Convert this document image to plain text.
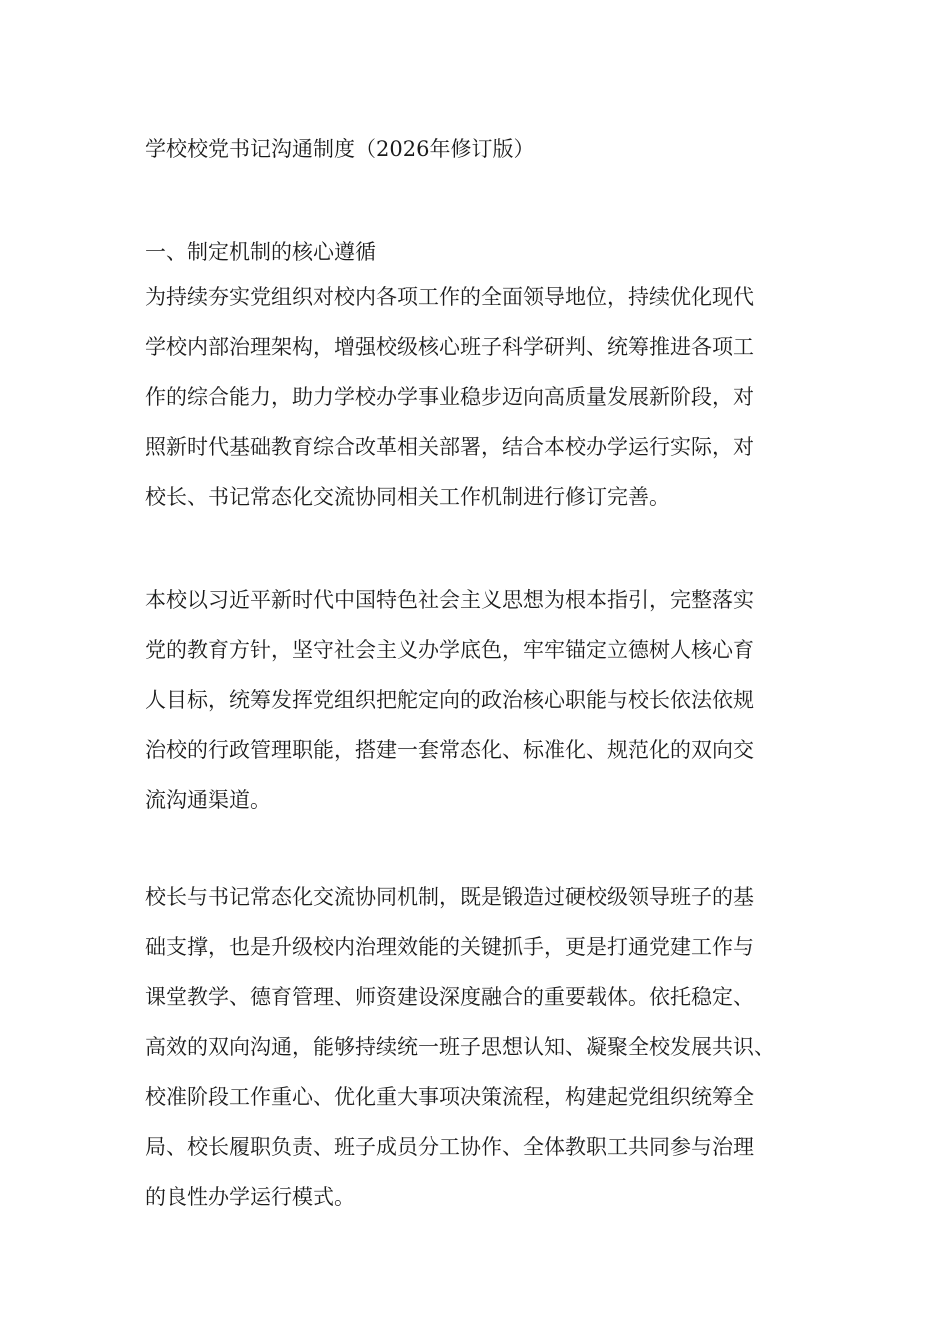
学校校党书记沟通制度（2026年修订版）
一、制定机制的核心遵循
为持续夯实党组织对校内各项工作的全面领导地位，持续优化现代
学校内部治理架构，增强校级核心班子科学研判、统筹推进各项工
作的综合能力，助力学校办学事业稳步迈向高质量发展新阶段，对
照新时代基础教育综合改革相关部署，结合本校办学运行实际，对
校长、书记常态化交流协同相关工作机制进行修订完善。
本校以习近平新时代中国特色社会主义思想为根本指引，完整落实
党的教育方针，坚守社会主义办学底色，牢牢锚定立德树人核心育
人目标，统筹发挥党组织把舵定向的政治核心职能与校长依法依规
治校的行政管理职能，搭建一套常态化、标准化、规范化的双向交
流沟通渠道。
校长与书记常态化交流协同机制，既是锻造过硬校级领导班子的基
础支撑，也是升级校内治理效能的关键抓手，更是打通党建工作与
课堂教学、德育管理、师资建设深度融合的重要载体。依托稳定、
高效的双向沟通，能够持续统一班子思想认知、凝聚全校发展共识、
校准阶段工作重心、优化重大事项决策流程，构建起党组织统筹全
局、校长履职负责、班子成员分工协作、全体教职工共同参与治理
的良性办学运行模式。
